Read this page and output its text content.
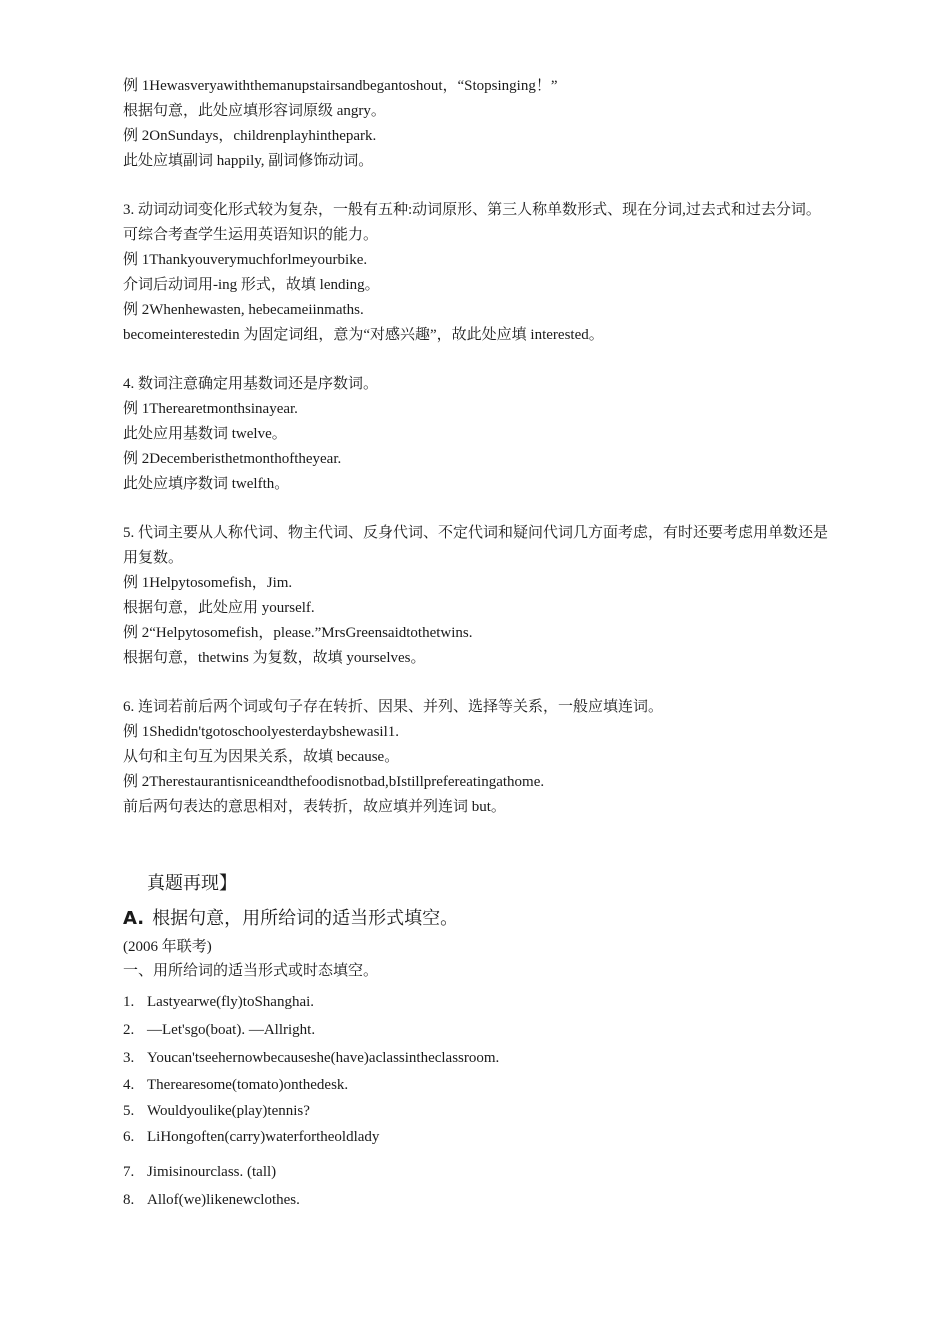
例 1Hewasveryawiththemanupstairsandbegantoshout，“Stopsinging！”

根据句意，此处应填形容词原级 angry。

例 2OnSundays，childrenplayhinthepark.

此处应填副词 happily, 副词修饰动词。

3. 动词动词变化形式较为复杂，一般有五种:动词原形、第三人称单数形式、现在分词,过去式和过去分词。可综合考查学生运用英语知识的能力。

例 1Thankyouverymuchforlmeyourbike.

介词后动词用-ing 形式，故填 lending。

例 2Whenhewasten, hebecameiinmaths.

becomeinterestedin 为固定词组，意为“对感兴趣”，故此处应填 interested。

4. 数词注意确定用基数词还是序数词。

例 1Therearetmonthsinayear.

此处应用基数词 twelve。

例 2Decemberisthetmonthoftheyear.

此处应填序数词 twelfth。

5. 代词主要从人称代词、物主代词、反身代词、不定代词和疑问代词几方面考虑，有时还要考虑用单数还是用复数。

例 1Helpytosomefish，Jim.

根据句意，此处应用 yourself.

例 2“Helpytosomefish，please.”MrsGreensaidtothetwins.

根据句意，thetwins 为复数，故填 yourselves。

6. 连词若前后两个词或句子存在转折、因果、并列、选择等关系，一般应填连词。

例 1Shedidn'tgotoschoolyesterdaybshewasil1.

从句和主句互为因果关系，故填 because。

例 2Therestaurantisniceandthefoodisnotbad,bIstillprefereatingathome.

前后两句表达的意思相对，表转折，故应填并列连词 but。

真题再现】

A. 根据句意，用所给词的适当形式填空。

(2006 年联考)

一、用所给词的适当形式或时态填空。

1. Lastyearwe(fly)toShanghai.
2. —Let'sgo(boat). —Allright.
3. Youcan'tseehernowbecauseshe(have)aclassintheclassroom.
4. Therearesome(tomato)onthedesk.
5. Wouldyoulike(play)tennis?
6. LiHongoften(carry)waterfortheoldlady
7. Jimisinourclass. (tall)
8. Allof(we)likenewclothes.
